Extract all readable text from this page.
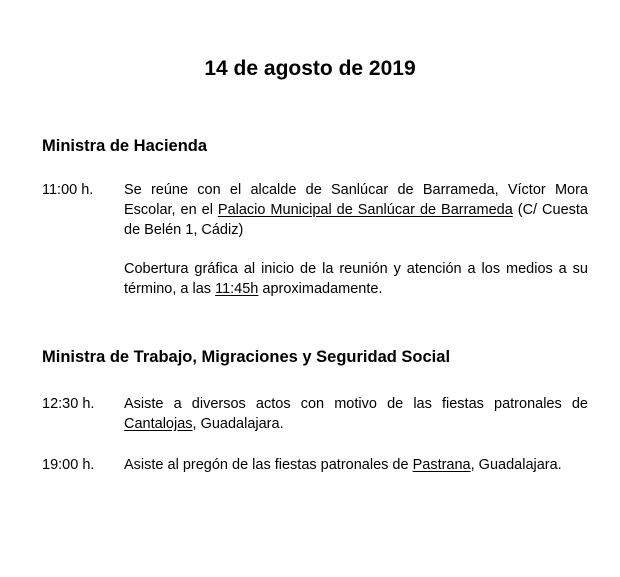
14 de agosto de 2019
Ministra de Hacienda
11:00 h. Se reúne con el alcalde de Sanlúcar de Barrameda, Víctor Mora Escolar, en el Palacio Municipal de Sanlúcar de Barrameda (C/ Cuesta de Belén 1, Cádiz)

Cobertura gráfica al inicio de la reunión y atención a los medios a su término, a las 11:45h aproximadamente.

Ministra de Trabajo, Migraciones y Seguridad Social
12:30 h. Asiste a diversos actos con motivo de las fiestas patronales de Cantalojas, Guadalajara.

19:00 h. Asiste al pregón de las fiestas patronales de Pastrana, Guadalajara.
